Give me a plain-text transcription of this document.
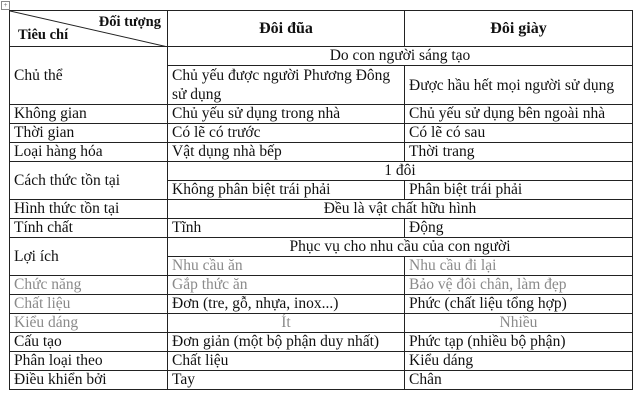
+
Đối tượng
Tiêu chí	Đôi đũa	Đôi giày
Chủ thể	Do con người sáng tạo	
	Chủ yếu được người Phương Đông sử dụng	Được hầu hết mọi người sử dụng
Không gian	Chủ yếu sử dụng trong nhà	Chủ yếu sử dụng bên ngoài nhà
Thời gian	Có lẽ có trước	Có lẽ có sau
Loại hàng hóa	Vật dụng nhà bếp	Thời trang
Cách thức tồn tại	1 đôi	
	Không phân biệt trái phải	Phân biệt trái phải
Hình thức tồn tại	Đều là vật chất hữu hình	
Tính chất	Tĩnh	Động
Lợi ích	Phục vụ cho nhu cầu của con người	
	Nhu cầu ăn	Nhu cầu đi lại
Chức năng	Gắp thức ăn	Bảo vệ đôi chân, làm đẹp
Chất liệu	Đơn (tre, gỗ, nhựa, inox...)	Phức (chất liệu tổng hợp)
Kiểu dáng	Ít	Nhiều
Cấu tạo	Đơn giản (một bộ phận duy nhất)	Phức tạp (nhiều bộ phận)
Phân loại theo	Chất liệu	Kiểu dáng
Điều khiển bởi	Tay	Chân
